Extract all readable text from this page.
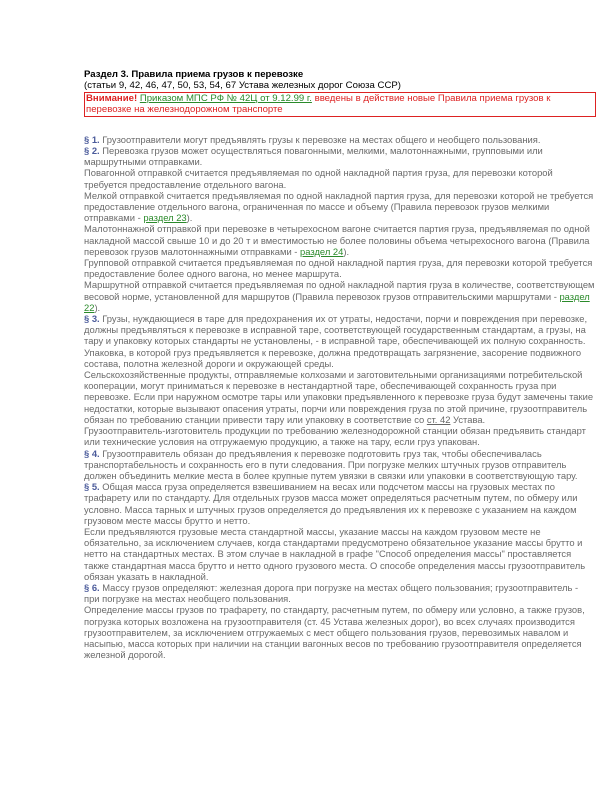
Раздел 3. Правила приема грузов к перевозке
(статьи 9, 42, 46, 47, 50, 53, 54, 67 Устава железных дорог Союза ССР)
Внимание! Приказом МПС РФ № 42Ц от 9.12.99 г. введены в действие новые Правила приема грузов к перевозке на железнодорожном транспорте

§ 1. Грузоотправители могут предъявлять грузы к перевозке на местах общего и необщего пользования.

§ 2. Перевозка грузов может осуществляться повагонными, мелкими, малотоннажными, групповыми или маршрутными отправками.

Повагонной отправкой считается предъявляемая по одной накладной партия груза, для перевозки которой требуется предоставление отдельного вагона.

Мелкой отправкой считается предъявляемая по одной накладной партия груза, для перевозки которой не требуется предоставление отдельного вагона, ограниченная по массе и объему (Правила перевозок грузов мелкими отправками - раздел 23).

Малотоннажной отправкой при перевозке в четырехосном вагоне считается партия груза, предъявляемая по одной накладной массой свыше 10 и до 20 т и вместимостью не более половины объема четырехосного вагона (Правила перевозок грузов малотоннажными отправками - раздел 24).

Групповой отправкой считается предъявляемая по одной накладной партия груза, для перевозки которой требуется предоставление более одного вагона, но менее маршрута.

Маршрутной отправкой считается предъявляемая по одной накладной партия груза в количестве, соответствующем весовой норме, установленной для маршрутов (Правила перевозок грузов отправительскими маршрутами - раздел 22).

§ 3. Грузы, нуждающиеся в таре для предохранения их от утраты, недостачи, порчи и повреждения при перевозке, должны предъявляться к перевозке в исправной таре, соответствующей государственным стандартам, а грузы, на тару и упаковку которых стандарты не установлены, - в исправной таре, обеспечивающей их полную сохранность. Упаковка, в которой груз предъявляется к перевозке, должна предотвращать загрязнение, засорение подвижного состава, полотна железной дороги и окружающей среды.

Сельскохозяйственные продукты, отправляемые колхозами и заготовительными организациями потребительской кооперации, могут приниматься к перевозке в нестандартной таре, обеспечивающей сохранность груза при перевозке. Если при наружном осмотре тары или упаковки предъявленного к перевозке груза будут замечены такие недостатки, которые вызывают опасения утраты, порчи или повреждения груза по этой причине, грузоотправитель обязан по требованию станции привести тару или упаковку в соответствие со ст. 42 Устава.

Грузоотправитель-изготовитель продукции по требованию железнодорожной станции обязан предъявить стандарт или технические условия на отгружаемую продукцию, а также на тару, если груз упакован.

§ 4. Грузоотправитель обязан до предъявления к перевозке подготовить груз так, чтобы обеспечивалась транспортабельность и сохранность его в пути следования. При погрузке мелких штучных грузов отправитель должен объединить мелкие места в более крупные путем увязки в связки или упаковки в соответствующую тару.

§ 5. Общая масса груза определяется взвешиванием на весах или подсчетом массы на грузовых местах по трафарету или по стандарту. Для отдельных грузов масса может определяться расчетным путем, по обмеру или условно. Масса тарных и штучных грузов определяется до предъявления их к перевозке с указанием на каждом грузовом месте массы брутто и нетто.

Если предъявляются грузовые места стандартной массы, указание массы на каждом грузовом месте не обязательно, за исключением случаев, когда стандартами предусмотрено обязательное указание массы брутто и нетто на стандартных местах. В этом случае в накладной в графе "Способ определения массы" проставляется также стандартная масса брутто и нетто одного грузового места. О способе определения массы грузоотправитель обязан указать в накладной.

§ 6. Массу грузов определяют: железная дорога при погрузке на местах общего пользования; грузоотправитель - при погрузке на местах необщего пользования.

Определение массы грузов по трафарету, по стандарту, расчетным путем, по обмеру или условно, а также грузов, погрузка которых возложена на грузоотправителя (ст. 45 Устава железных дорог), во всех случаях производится грузоотправителем, за исключением отгружаемых с мест общего пользования грузов, перевозимых навалом и насыпью, масса которых при наличии на станции вагонных весов по требованию грузоотправителя определяется железной дорогой.
